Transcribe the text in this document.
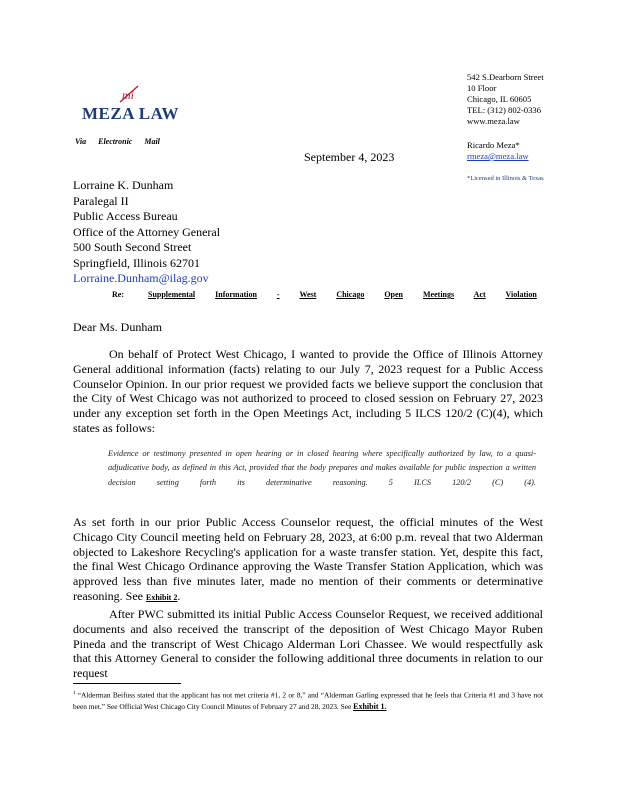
mi
MEZA LAW
Via Electronic Mail
542 S.Dearborn Street
10 Floor
Chicago, IL 60605
TEL: (312) 802-0336
www.meza.law
Ricardo Meza*
rmeza@meza.law
*Licensed in Illinois & Texas
September 4, 2023
Lorraine K. Dunham
Paralegal II
Public Access Bureau
Office of the Attorney General
500 South Second Street
Springfield, Illinois 62701
Lorraine.Dunham@ilag.gov
Re:	Supplemental	Information	- West	Chicago	Open	Meetings Act Violation
Dear Ms. Dunham
On behalf of Protect West Chicago, I wanted to provide the Office of Illinois Attorney General additional information (facts) relating to our July 7, 2023 request for a Public Access Counselor Opinion. In our prior request we provided facts we believe support the conclusion that the City of West Chicago was not authorized to proceed to closed session on February 27, 2023 under any exception set forth in the Open Meetings Act, including 5 ILCS 120/2 (C)(4), which states as follows:
Evidence or testimony presented in open hearing or in closed hearing where specifically authorized by law, to a quasi-adjudicative body, as defined in this Act, provided that the body prepares and makes available for public inspection a written decision setting forth its determinative reasoning. 5 ILCS 120/2 (C) (4).
As set forth in our prior Public Access Counselor request, the official minutes of the West Chicago City Council meeting held on February 28, 2023, at 6:00 p.m. reveal that two Alderman objected to Lakeshore Recycling's application for a waste transfer station. Yet, despite this fact, the final West Chicago Ordinance approving the Waste Transfer Station Application, which was approved less than five minutes later, made no mention of their comments or determinative reasoning. See Exhibit 2.
After PWC submitted its initial Public Access Counselor Request, we received additional documents and also received the transcript of the deposition of West Chicago Mayor Ruben Pineda and the transcript of West Chicago Alderman Lori Chassee. We would respectfully ask that this Attorney General to consider the following additional three documents in relation to our request
$^1$ “Alderman Beifuss stated that the applicant has not met criteria #1, 2 or 8,” and “Alderman Garling expressed that he feels that Criteria #1 and 3 have not been met.” See Official West Chicago City Council Minutes of February 27 and 28, 2023. See Exhibit 1.
